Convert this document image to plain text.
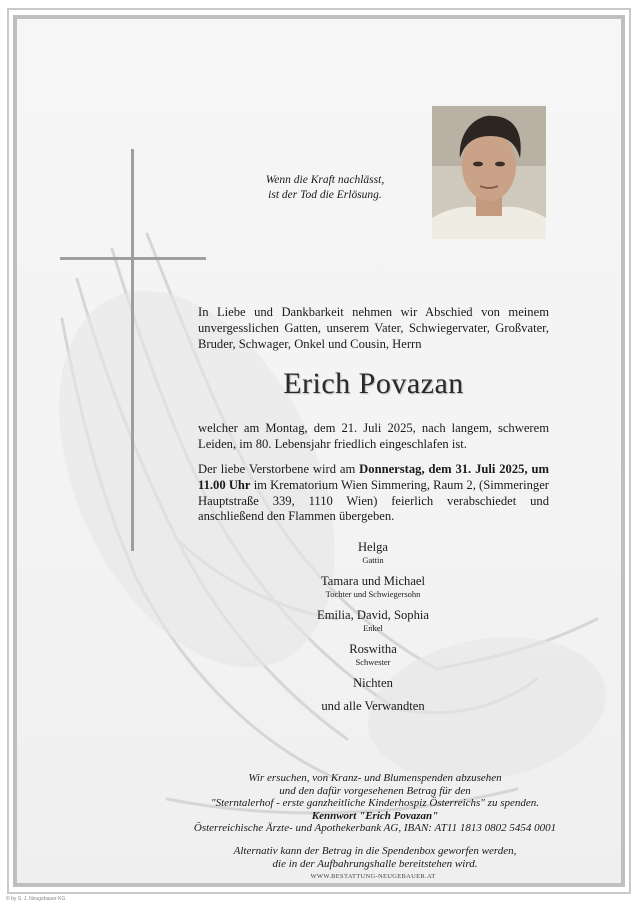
Wenn die Kraft nachlässt,
ist der Tod die Erlösung.
In Liebe und Dankbarkeit nehmen wir Abschied von meinem unvergesslichen Gatten, unserem Vater, Schwiegervater, Großvater, Bruder, Schwager, Onkel und Cousin, Herrn
Erich Povazan
welcher am Montag, dem 21. Juli 2025, nach langem, schwerem Leiden, im 80. Lebensjahr friedlich eingeschlafen ist.
Der liebe Verstorbene wird am Donnerstag, dem 31. Juli 2025, um 11.00 Uhr im Krematorium Wien Simmering, Raum 2, (Simmeringer Hauptstraße 339, 1110 Wien) feierlich verabschiedet und anschließend den Flammen übergeben.
Helga
Gattin
Tamara und Michael
Tochter und Schwiegersohn
Emilia, David, Sophia
Enkel
Roswitha
Schwester
Nichten
und alle Verwandten
Wir ersuchen, von Kranz- und Blumenspenden abzusehen
und den dafür vorgesehenen Betrag für den
"Sterntalerhof - erste ganzheitliche Kinderhospiz Österreichs" zu spenden.
Kennwort "Erich Povazan"
Österreichische Ärzte- und Apothekerbank AG, IBAN: AT11 1813 0802 5454 0001
Alternativ kann der Betrag in die Spendenbox geworfen werden,
die in der Aufbahrungshalle bereitstehen wird.
WWW.BESTATTUNG-NEUGEBAUER.AT
© by S. J. Neugebauer KG
